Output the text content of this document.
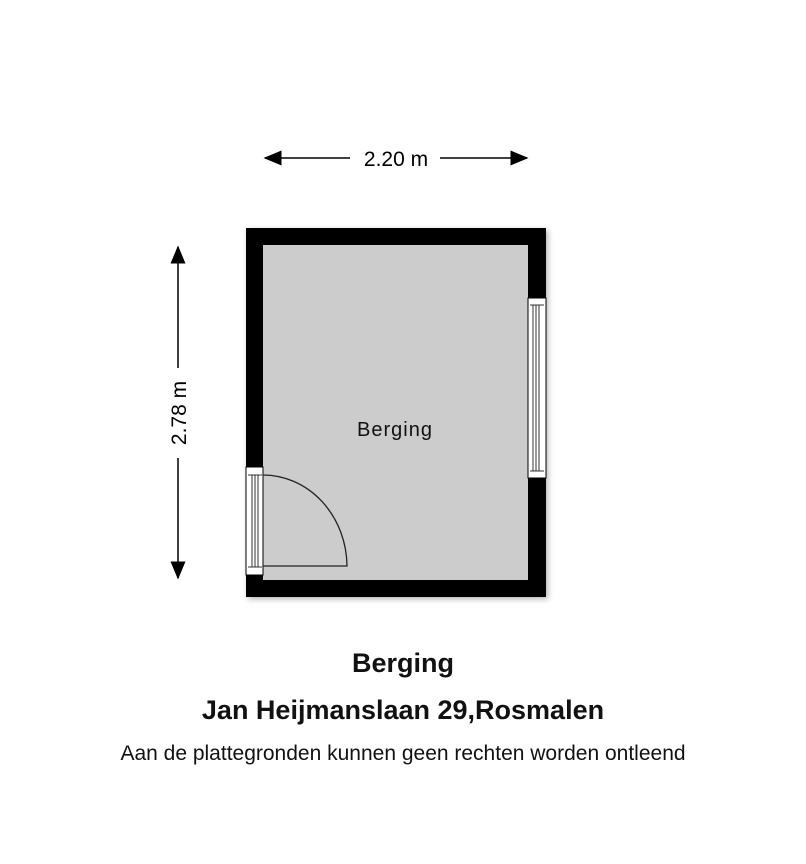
2.20 m
2.78 m	Berging
Berging
Jan Heijmanslaan 29,Rosmalen
Aan de plattegronden kunnen geen rechten worden ontleend
